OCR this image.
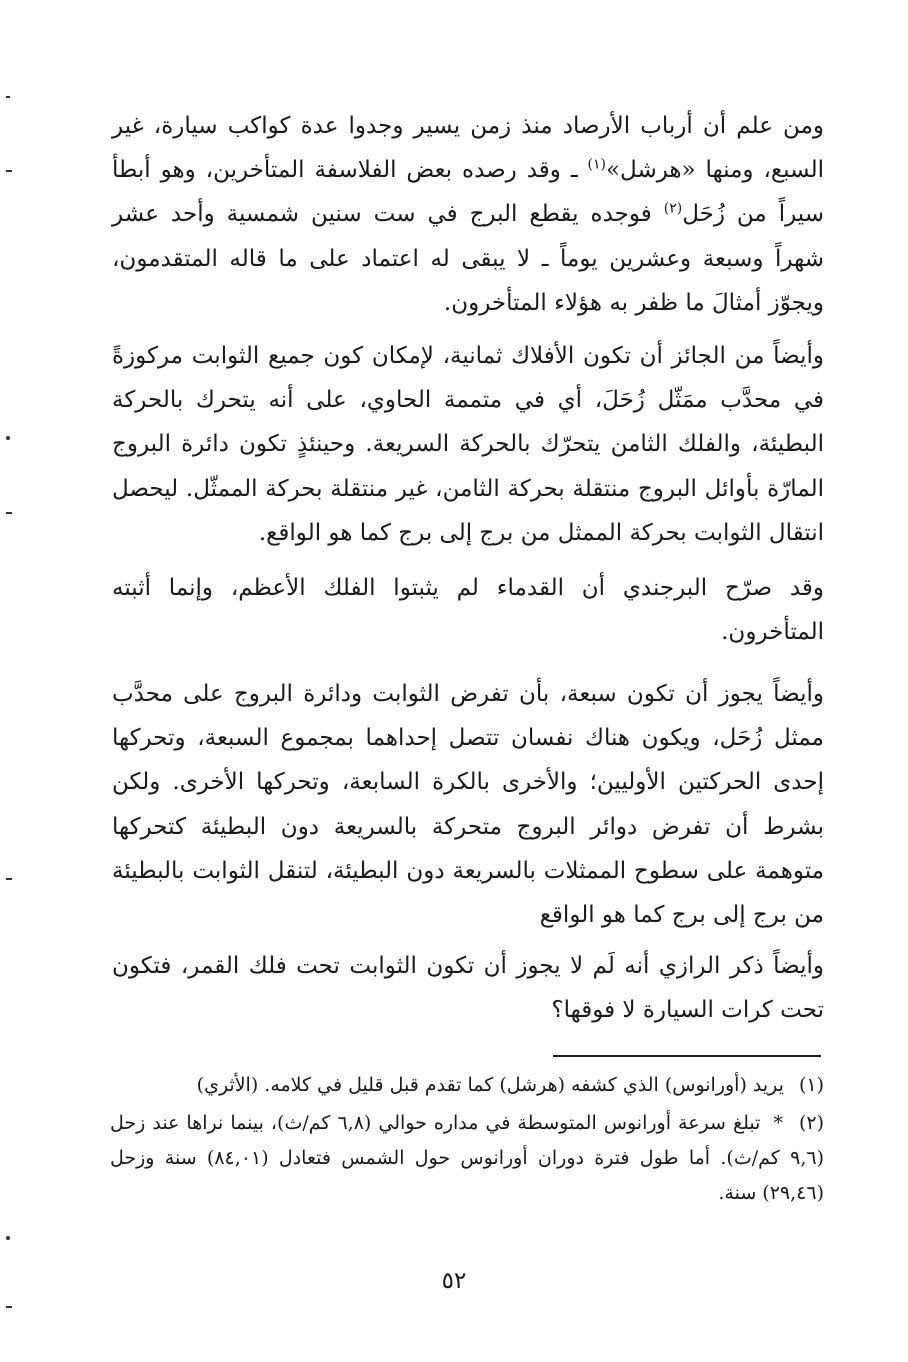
ومن علم أن أرباب الأرصاد منذ زمن يسير وجدوا عدة كواكب سيارة، غير السبع، ومنها «هرشل»$^{(١)}$ ـ وقد رصده بعض الفلاسفة المتأخرين، وهو أبطأ سيراً من زُحَل$^{(٢)}$ فوجده يقطع البرج في ست سنين شمسية وأحد عشر شهراً وسبعة وعشرين يوماً ـ لا يبقى له اعتماد على ما قاله المتقدمون، ويجوّز أمثالَ ما ظفر به هؤلاء المتأخرون.

وأيضاً من الجائز أن تكون الأفلاك ثمانية، لإمكان كون جميع الثوابت مركوزةً في محدَّب ممَثّل زُحَلَ، أي في متممة الحاوي، على أنه يتحرك بالحركة البطيئة، والفلك الثامن يتحرّك بالحركة السريعة. وحينئذٍ تكون دائرة البروج المارّة بأوائل البروج منتقلة بحركة الثامن، غير منتقلة بحركة الممثّل. ليحصل انتقال الثوابت بحركة الممثل من برج إلى برج كما هو الواقع.

وقد صرّح البرجندي أن القدماء لم يثبتوا الفلك الأعظم، وإنما أثبته المتأخرون.

وأيضاً يجوز أن تكون سبعة، بأن تفرض الثوابت ودائرة البروج على محدَّب ممثل زُحَل، ويكون هناك نفسان تتصل إحداهما بمجموع السبعة، وتحركها إحدى الحركتين الأوليين؛ والأخرى بالكرة السابعة، وتحركها الأخرى. ولكن بشرط أن تفرض دوائر البروج متحركة بالسريعة دون البطيئة كتحركها متوهمة على سطوح الممثلات بالسريعة دون البطيئة، لتنقل الثوابت بالبطيئة من برج إلى برج كما هو الواقع

وأيضاً ذكر الرازي أنه لَم لا يجوز أن تكون الثوابت تحت فلك القمر، فتكون تحت كرات السيارة لا فوقها؟

(١) يريد (أورانوس) الذي كشفه (هرشل) كما تقدم قبل قليل في كلامه. (الأثري)

(٢) * تبلغ سرعة أورانوس المتوسطة في مداره حوالي (٦,٨ كم/ث)، بينما نراها عند زحل (٩,٦ كم/ث). أما طول فترة دوران أورانوس حول الشمس فتعادل (٨٤,٠١) سنة وزحل (٢٩,٤٦) سنة.

٥٢
